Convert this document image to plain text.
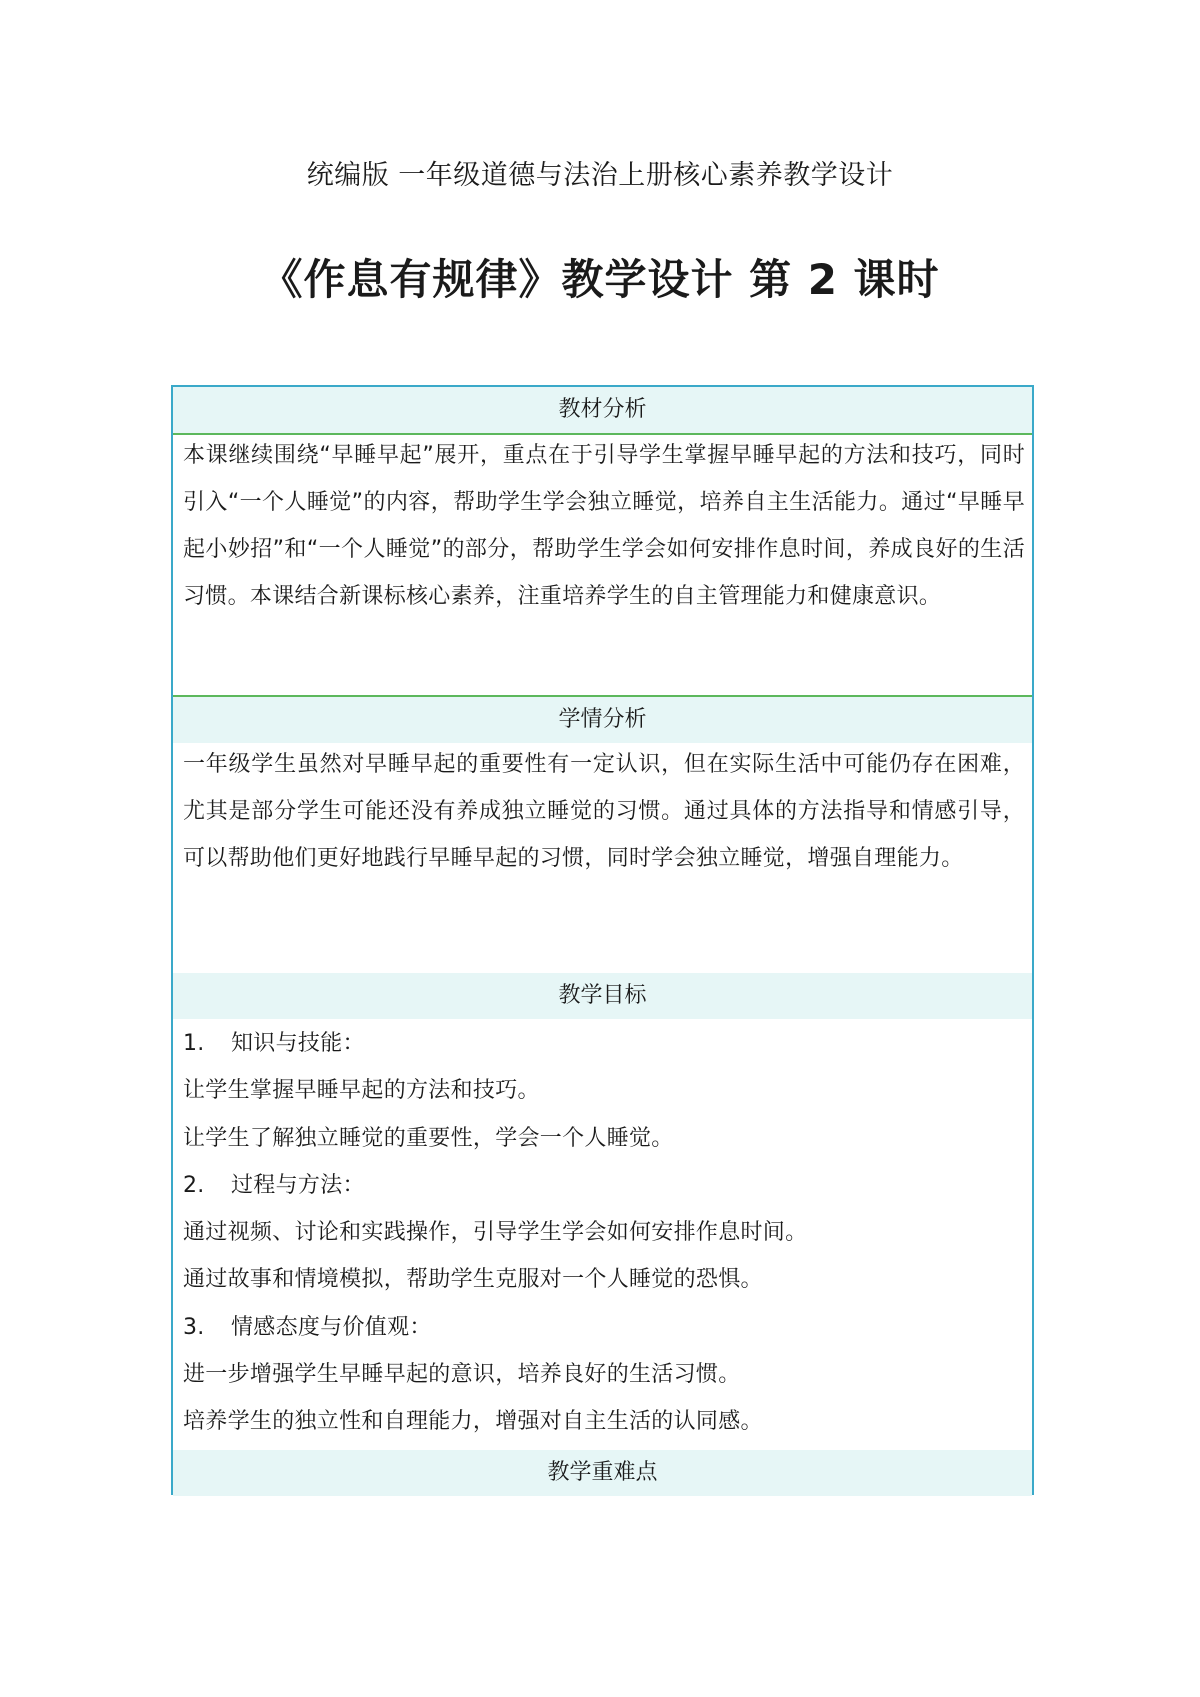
统编版 一年级道德与法治上册核心素养教学设计
《作息有规律》教学设计 第 2 课时
教材分析
本课继续围绕“早睡早起”展开，重点在于引导学生掌握早睡早起的方法和技巧，同时引入“一个人睡觉”的内容，帮助学生学会独立睡觉，培养自主生活能力。通过“早睡早起小妙招”和“一个人睡觉”的部分，帮助学生学会如何安排作息时间，养成良好的生活习惯。本课结合新课标核心素养，注重培养学生的自主管理能力和健康意识。
学情分析
一年级学生虽然对早睡早起的重要性有一定认识，但在实际生活中可能仍存在困难，尤其是部分学生可能还没有养成独立睡觉的习惯。通过具体的方法指导和情感引导，可以帮助他们更好地践行早睡早起的习惯，同时学会独立睡觉，增强自理能力。
教学目标
1. 知识与技能：
让学生掌握早睡早起的方法和技巧。
让学生了解独立睡觉的重要性，学会一个人睡觉。
2. 过程与方法：
通过视频、讨论和实践操作，引导学生学会如何安排作息时间。
通过故事和情境模拟，帮助学生克服对一个人睡觉的恐惧。
3. 情感态度与价值观：
进一步增强学生早睡早起的意识，培养良好的生活习惯。
培养学生的独立性和自理能力，增强对自主生活的认同感。
教学重难点
